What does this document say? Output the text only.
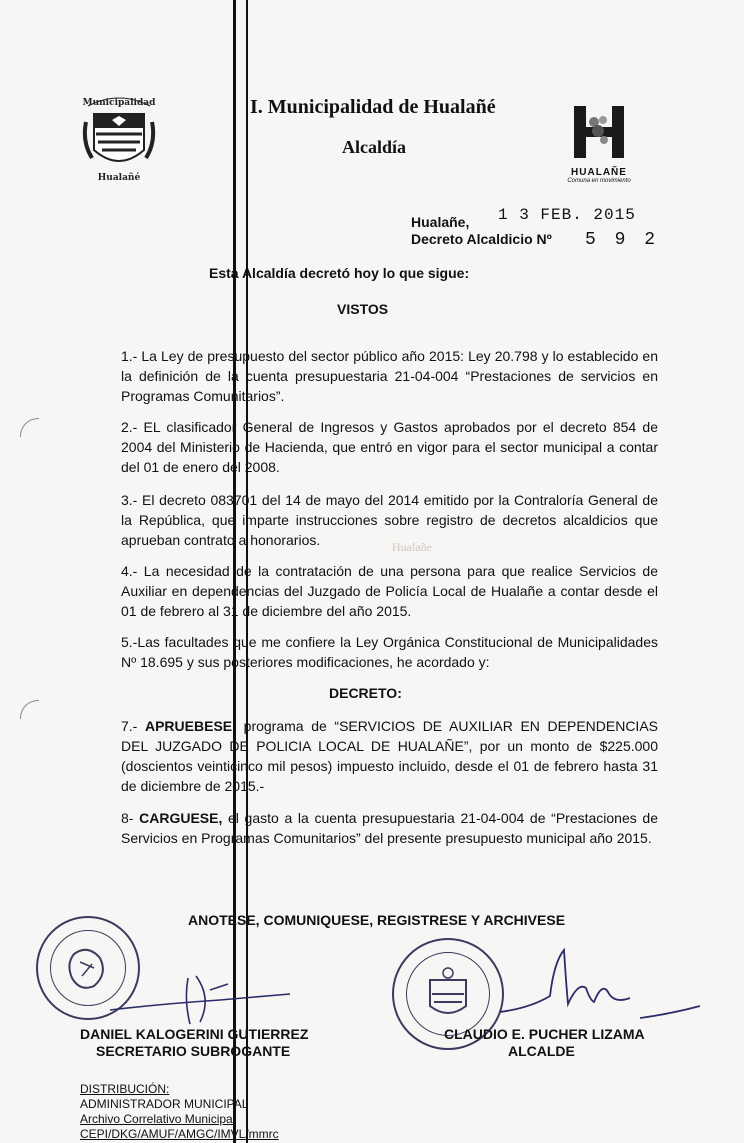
Hualañe
Municipalidad
Hualañé
I. Municipalidad de Hualañé
Alcaldía
HUALAÑE
Comuna en movimiento
Hualañe, 1 3 FEB. 2015
Decreto Alcaldicio Nº 5 9 2
Esta Alcaldía decretó hoy lo que sigue:
VISTOS
1.- La Ley de presupuesto del sector público año 2015: Ley 20.798 y lo establecido en la definición de la cuenta presupuestaria 21-04-004 “Prestaciones de servicios en Programas Comunitarios”.
2.- EL clasificador General de Ingresos y Gastos aprobados por el decreto 854 de 2004 del Ministerio de Hacienda, que entró en vigor para el sector municipal a contar del 01 de enero del 2008.
3.- El decreto 083701 del 14 de mayo del 2014 emitido por la Contraloría General de la República, que imparte instrucciones sobre registro de decretos alcaldicios que aprueban contrato a honorarios.
4.- La necesidad de la contratación de una persona para que realice Servicios de Auxiliar en dependencias del Juzgado de Policía Local de Hualañe a contar desde el 01 de febrero al 31 de diciembre del año 2015.
5.-Las facultades que me confiere la Ley Orgánica Constitucional de Municipalidades Nº 18.695 y sus posteriores modificaciones, he acordado y:
DECRETO:
7.- APRUEBESE, programa de “SERVICIOS DE AUXILIAR EN DEPENDENCIAS DEL JUZGADO DE POLICIA LOCAL DE HUALAÑE”, por un monto de $225.000 (doscientos veinticinco mil pesos) impuesto incluido, desde el 01 de febrero hasta 31 de diciembre de 2015.-
8- CARGUESE, el gasto a la cuenta presupuestaria 21-04-004 de “Prestaciones de Servicios en Programas Comunitarios” del presente presupuesto municipal año 2015.
ANOTESE, COMUNIQUESE, REGISTRESE Y ARCHIVESE
DANIEL KALOGERINI GUTIERREZ
SECRETARIO SUBROGANTE
CLAUDIO E. PUCHER LIZAMA
ALCALDE
DISTRIBUCIÓN:
ADMINISTRADOR MUNICIPAL
Archivo Correlativo Municipal
CEPI/DKG/AMUF/AMGC/IMVL/mmrc
